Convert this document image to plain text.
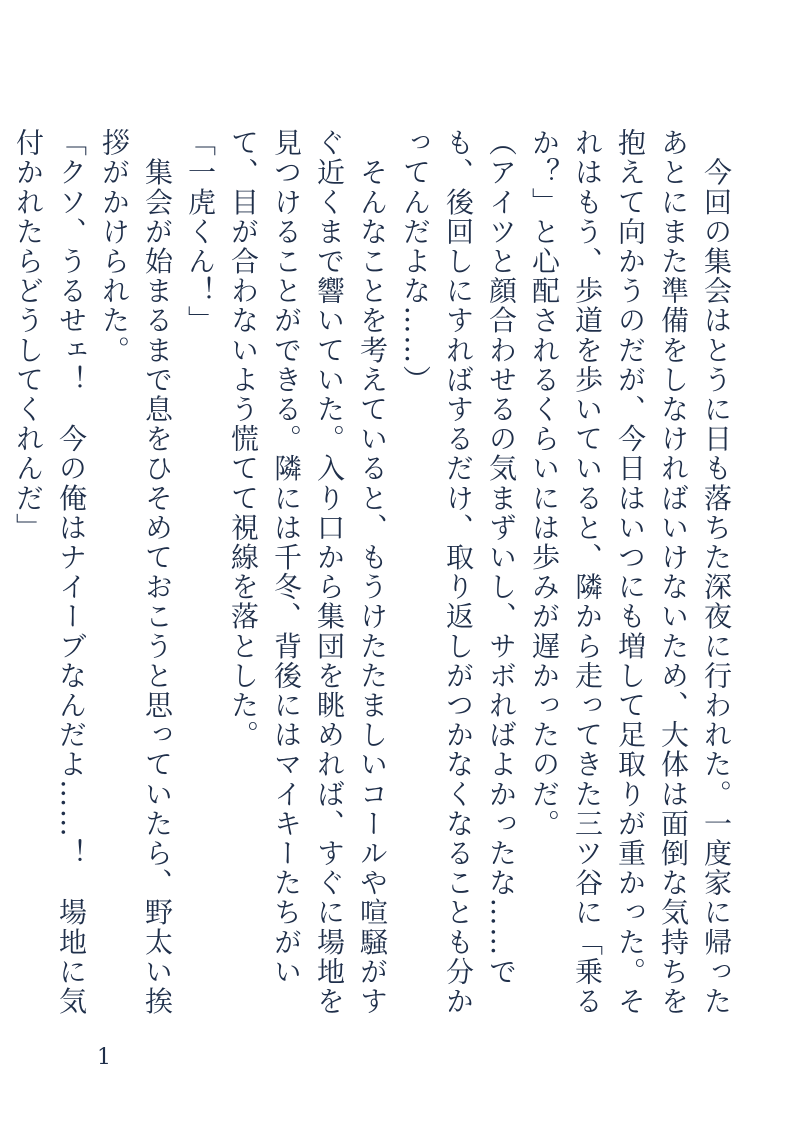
　今回の集会はとうに日も落ちた深夜に行われた。一度家に帰ったあとにまた準備をしなければいけないため、大体は面倒な気持ちを抱えて向かうのだが、今日はいつにも増して足取りが重かった。それはもう、歩道を歩いていると、隣から走ってきた三ツ谷に「乗るか？」と心配されるくらいには歩みが遅かったのだ。

（アイツと顔合わせるの気まずいし、サボればよかったな……でも、後回しにすればするだけ、取り返しがつかなくなることも分かってんだよな……）

　そんなことを考えていると、もうけたたましいコールや喧騒がすぐ近くまで響いていた。入り口から集団を眺めれば、すぐに場地を見つけることができる。隣には千冬、背後にはマイキーたちがいて、目が合わないよう慌てて視線を落とした。

「一虎くん！」

　集会が始まるまで息をひそめておこうと思っていたら、野太い挨拶がかけられた。

「クソ、うるせェ！　今の俺はナイーブなんだよ……！　場地に気付かれたらどうしてくれんだ」

1
